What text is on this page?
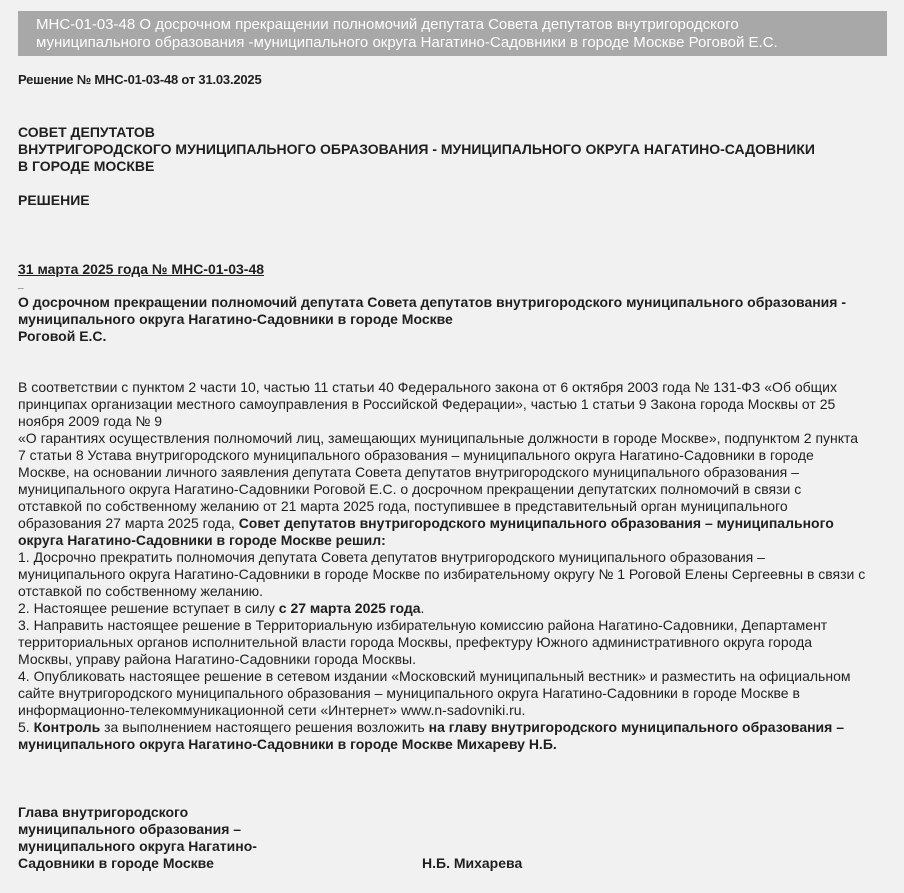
МНС-01-03-48 О досрочном прекращении полномочий депутата Совета депутатов внутригородского
муниципального образования -муниципального округа Нагатино-Садовники в городе Москве Роговой Е.С.
Решение № МНС-01-03-48 от 31.03.2025
СОВЕТ ДЕПУТАТОВ
ВНУТРИГОРОДСКОГО МУНИЦИПАЛЬНОГО ОБРАЗОВАНИЯ - МУНИЦИПАЛЬНОГО ОКРУГА НАГАТИНО-САДОВНИКИ
В ГОРОДЕ МОСКВЕ
РЕШЕНИЕ
31 марта 2025 года № МНС-01-03-48
_
О досрочном прекращении полномочий депутата Совета депутатов внутригородского муниципального образования -
муниципального округа Нагатино-Садовники в городе Москве
Роговой Е.С.
В соответствии с пунктом 2 части 10, частью 11 статьи 40 Федерального закона от 6 октября 2003 года № 131-ФЗ «Об общих
принципах организации местного самоуправления в Российской Федерации», частью 1 статьи 9 Закона города Москвы от 25
ноября 2009 года № 9
«О гарантиях осуществления полномочий лиц, замещающих муниципальные должности в городе Москве», подпунктом 2 пункта
7 статьи 8 Устава внутригородского муниципального образования – муниципального округа Нагатино-Садовники в городе
Москве, на основании личного заявления депутата Совета депутатов внутригородского муниципального образования –
муниципального округа Нагатино-Садовники Роговой Е.С. о досрочном прекращении депутатских полномочий в связи с
отставкой по собственному желанию от 21 марта 2025 года, поступившее в представительный орган муниципального
образования 27 марта 2025 года, Совет депутатов внутригородского муниципального образования – муниципального
округа Нагатино-Садовники в городе Москве решил:
1. Досрочно прекратить полномочия депутата Совета депутатов внутригородского муниципального образования –
муниципального округа Нагатино-Садовники в городе Москве по избирательному округу № 1 Роговой Елены Сергеевны в связи с
отставкой по собственному желанию.
2. Настоящее решение вступает в силу с 27 марта 2025 года.
3. Направить настоящее решение в Территориальную избирательную комиссию района Нагатино-Садовники, Департамент
территориальных органов исполнительной власти города Москвы, префектуру Южного административного округа города
Москвы, управу района Нагатино-Садовники города Москвы.
4. Опубликовать настоящее решение в сетевом издании «Московский муниципальный вестник» и разместить на официальном
сайте внутригородского муниципального образования – муниципального округа Нагатино-Садовники в городе Москве в
информационно-телекоммуникационной сети «Интернет» www.n-sadovniki.ru.
5. Контроль за выполнением настоящего решения возложить на главу внутригородского муниципального образования –
муниципального округа Нагатино-Садовники в городе Москве Михареву Н.Б.
Глава внутригородского
муниципального образования –
муниципального округа Нагатино-
Садовники в городе Москве	Н.Б. Михарева
